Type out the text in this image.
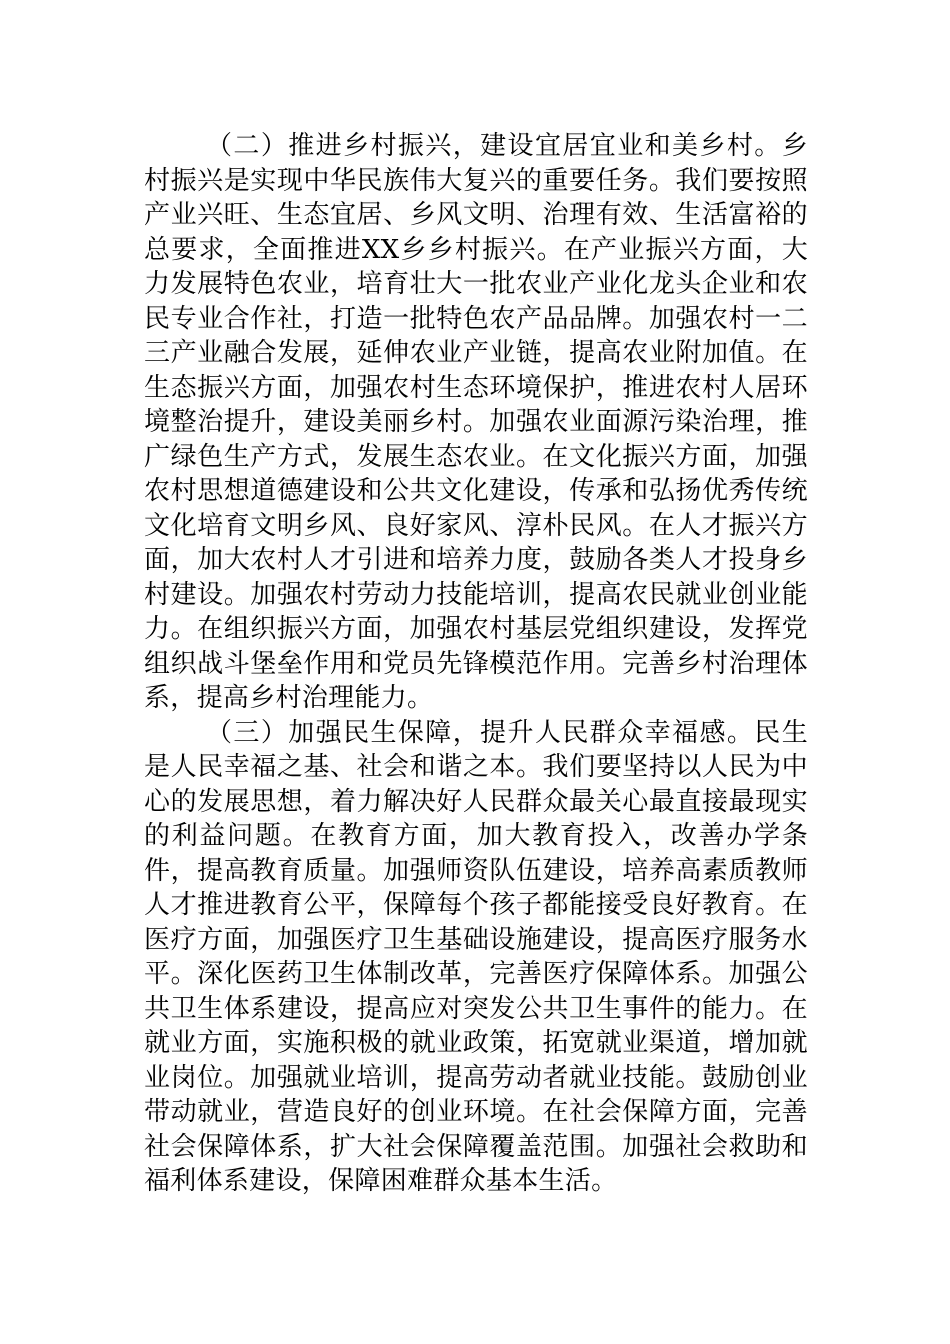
（二）推进乡村振兴，建设宜居宜业和美乡村。乡村振兴是实现中华民族伟大复兴的重要任务。我们要按照产业兴旺、生态宜居、乡风文明、治理有效、生活富裕的总要求，全面推进XX乡乡村振兴。在产业振兴方面，大力发展特色农业，培育壮大一批农业产业化龙头企业和农民专业合作社，打造一批特色农产品品牌。加强农村一二三产业融合发展，延伸农业产业链，提高农业附加值。在生态振兴方面，加强农村生态环境保护，推进农村人居环境整治提升，建设美丽乡村。加强农业面源污染治理，推广绿色生产方式，发展生态农业。在文化振兴方面，加强农村思想道德建设和公共文化建设，传承和弘扬优秀传统文化培育文明乡风、良好家风、淳朴民风。在人才振兴方面，加大农村人才引进和培养力度，鼓励各类人才投身乡村建设。加强农村劳动力技能培训，提高农民就业创业能力。在组织振兴方面，加强农村基层党组织建设，发挥党组织战斗堡垒作用和党员先锋模范作用。完善乡村治理体系，提高乡村治理能力。

（三）加强民生保障，提升人民群众幸福感。民生是人民幸福之基、社会和谐之本。我们要坚持以人民为中心的发展思想，着力解决好人民群众最关心最直接最现实的利益问题。在教育方面，加大教育投入，改善办学条件，提高教育质量。加强师资队伍建设，培养高素质教师人才推进教育公平，保障每个孩子都能接受良好教育。在医疗方面，加强医疗卫生基础设施建设，提高医疗服务水平。深化医药卫生体制改革，完善医疗保障体系。加强公共卫生体系建设，提高应对突发公共卫生事件的能力。在就业方面，实施积极的就业政策，拓宽就业渠道，增加就业岗位。加强就业培训，提高劳动者就业技能。鼓励创业带动就业，营造良好的创业环境。在社会保障方面，完善社会保障体系，扩大社会保障覆盖范围。加强社会救助和福利体系建设，保障困难群众基本生活。
